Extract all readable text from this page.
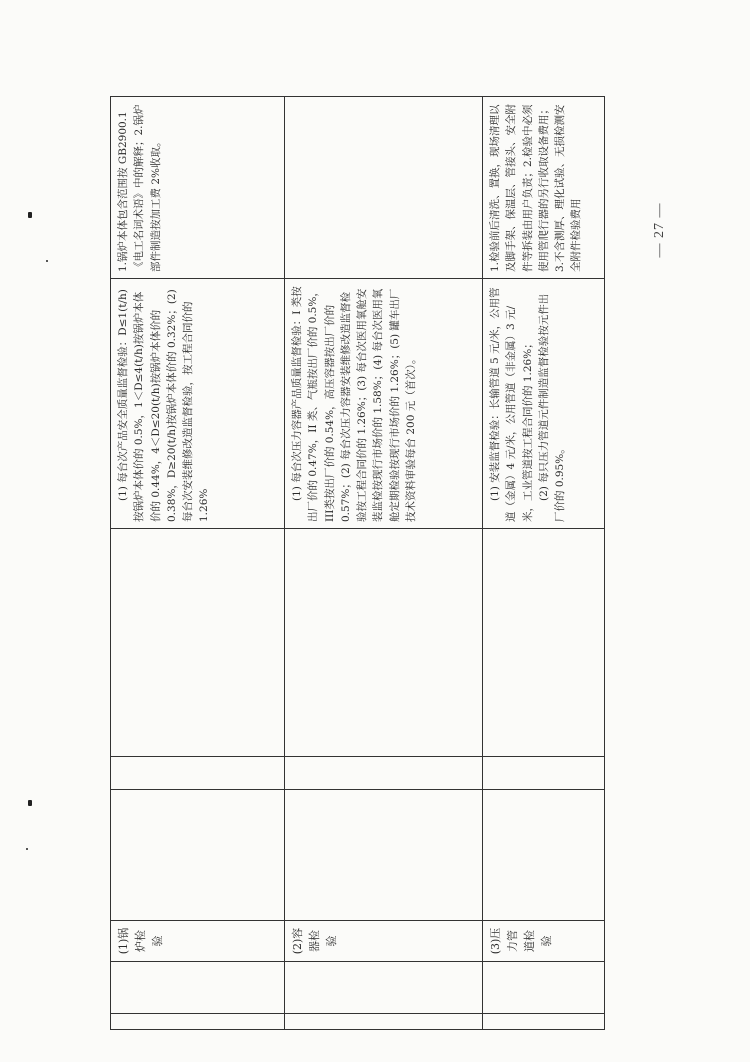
		(1)锅炉检验				(1) 每台次产品安全质量监督检验：D≤1(t/h)按锅炉本体价的 0.5%，1＜D≤4(t/h)按锅炉本体价的 0.44%，4＜D≤20(t/h)按锅炉本体价的 0.38%，D≥20(t/h)按锅炉本体价的 0.32%；(2) 每台次安装维修改造监督检验，按工程合同价的 1.26%	1.锅炉本体包含范围按 GB2900.1《电工名词术语》中的解释；2.锅炉部件制造按加工费 2%收取。
		(2)容器检验				(1) 每台次压力容器产品质量监督检验：I 类按出厂价的 0.47%，II 类、气瓶按出厂价的 0.5%，III类按出厂价的 0.54%，高压容器按出厂价的 0.57%；(2) 每台次压力容器安装维修改造监督检验按工程合同价的 1.26%；(3) 每台次医用氧舱安装监检按现行市场价的 1.58%；(4) 每台次医用氧舱定期检验按现行市场价的 1.26%；(5) 罐车出厂技术资料审验每台 200 元（首次）。	
		(3)压力管道检验				(1) 安装监督检验：长输管道 5 元/米，公用管道（金属）4 元/米，公用管道（非金属）3 元/米，工业管道按工程合同价的 1.26%； (2) 每只压力管道元件制造监督检验按元件出厂价的 0.95%。	1.检验前后清洗、置换，现场清理以及脚手架、保温层、管接头、安全附件等拆装由用户负责；2.检验中必须使用管爬行器的另行收取设备费用；3.不含测厚、理化试验、无损检测安全附件检验费用	— 27 —
